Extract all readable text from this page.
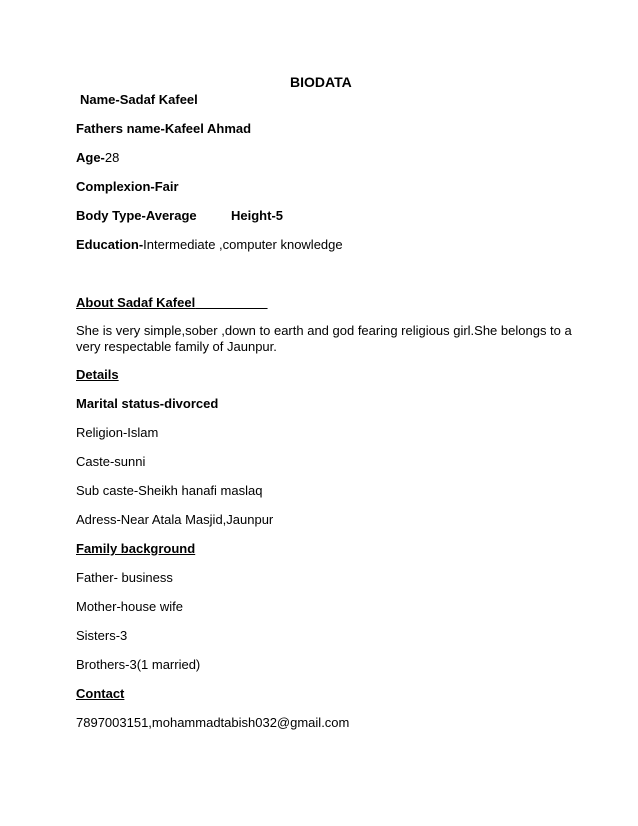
BIODATA
Name-Sadaf Kafeel
Fathers name-Kafeel Ahmad
Age-28
Complexion-Fair
Body Type-Average	Height-5
Education-Intermediate ,computer knowledge
About Sadaf Kafeel__________
She is very simple,sober ,down to earth and god fearing religious girl.She belongs to a very respectable family of Jaunpur.
Details
Marital status-divorced
Religion-Islam
Caste-sunni
Sub caste-Sheikh hanafi maslaq
Adress-Near Atala Masjid,Jaunpur
Family background
Father- business
Mother-house wife
Sisters-3
Brothers-3(1 married)
Contact
7897003151,mohammadtabish032@gmail.com
